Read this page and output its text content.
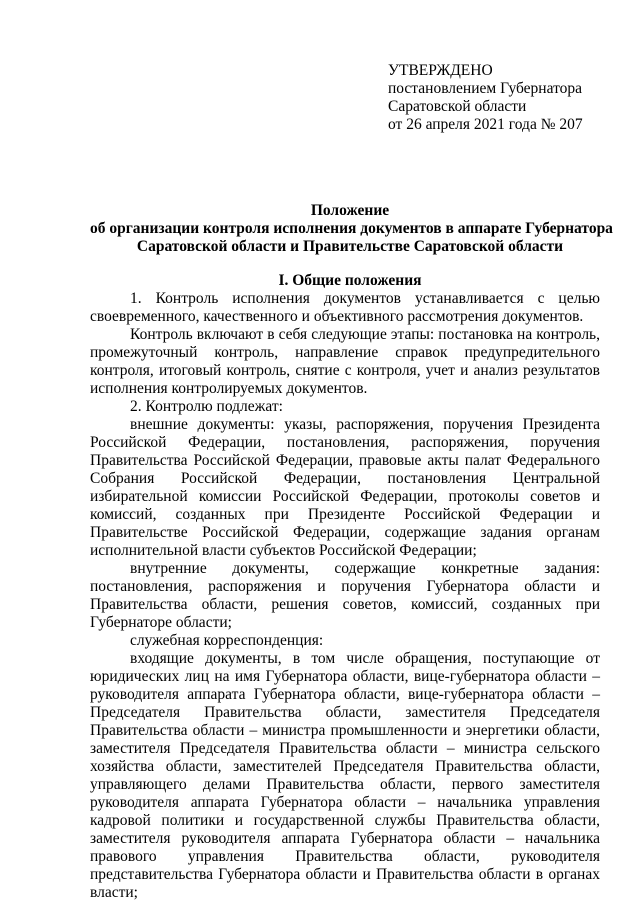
УТВЕРЖДЕНО
постановлением Губернатора
Саратовской области
от 26 апреля 2021 года № 207
Положение
об организации контроля исполнения документов в аппарате Губернатора
Саратовской области и Правительстве Саратовской области
I. Общие положения

1. Контроль исполнения документов устанавливается с целью своевременного, качественного и объективного рассмотрения документов.

Контроль включают в себя следующие этапы: постановка на контроль, промежуточный контроль, направление справок предупредительного контроля, итоговый контроль, снятие с контроля, учет и анализ результатов исполнения контролируемых документов.

2. Контролю подлежат:

внешние документы: указы, распоряжения, поручения Президента Российской Федерации, постановления, распоряжения, поручения Правительства Российской Федерации, правовые акты палат Федерального Собрания Российской Федерации, постановления Центральной избирательной комиссии Российской Федерации, протоколы советов и комиссий, созданных при Президенте Российской Федерации и Правительстве Российской Федерации, содержащие задания органам исполнительной власти субъектов Российской Федерации;

внутренние документы, содержащие конкретные задания: постановления, распоряжения и поручения Губернатора области и Правительства области, решения советов, комиссий, созданных при Губернаторе области;

служебная корреспонденция:

входящие документы, в том числе обращения, поступающие от юридических лиц на имя Губернатора области, вице-губернатора области – руководителя аппарата Губернатора области, вице-губернатора области – Председателя Правительства области, заместителя Председателя Правительства области – министра промышленности и энергетики области, заместителя Председателя Правительства области – министра сельского хозяйства области, заместителей Председателя Правительства области, управляющего делами Правительства области, первого заместителя руководителя аппарата Губернатора области – начальника управления кадровой политики и государственной службы Правительства области, заместителя руководителя аппарата Губернатора области – начальника правового управления Правительства области, руководителя представительства Губернатора области и Правительства области в органах власти;
